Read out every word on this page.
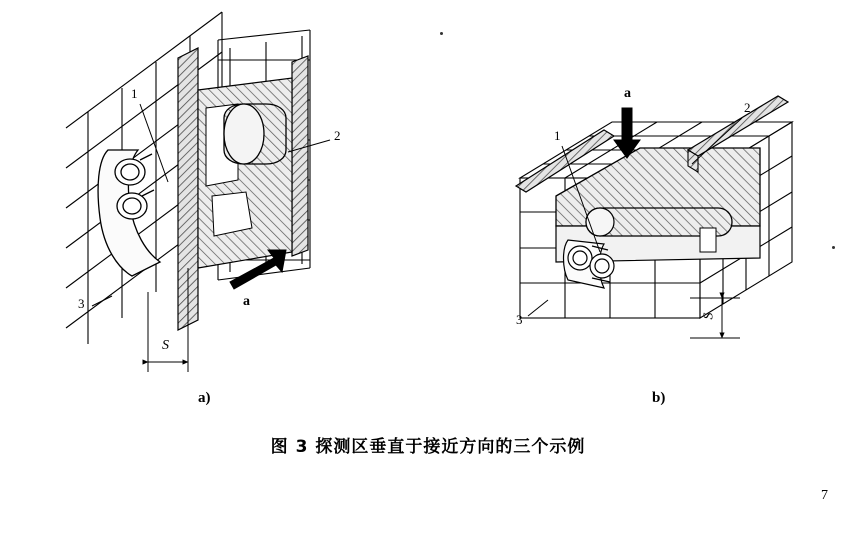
1
2
3	a
S
1
2
3
a
S
a)	b)
图 3 探测区垂直于接近方向的三个示例
7
